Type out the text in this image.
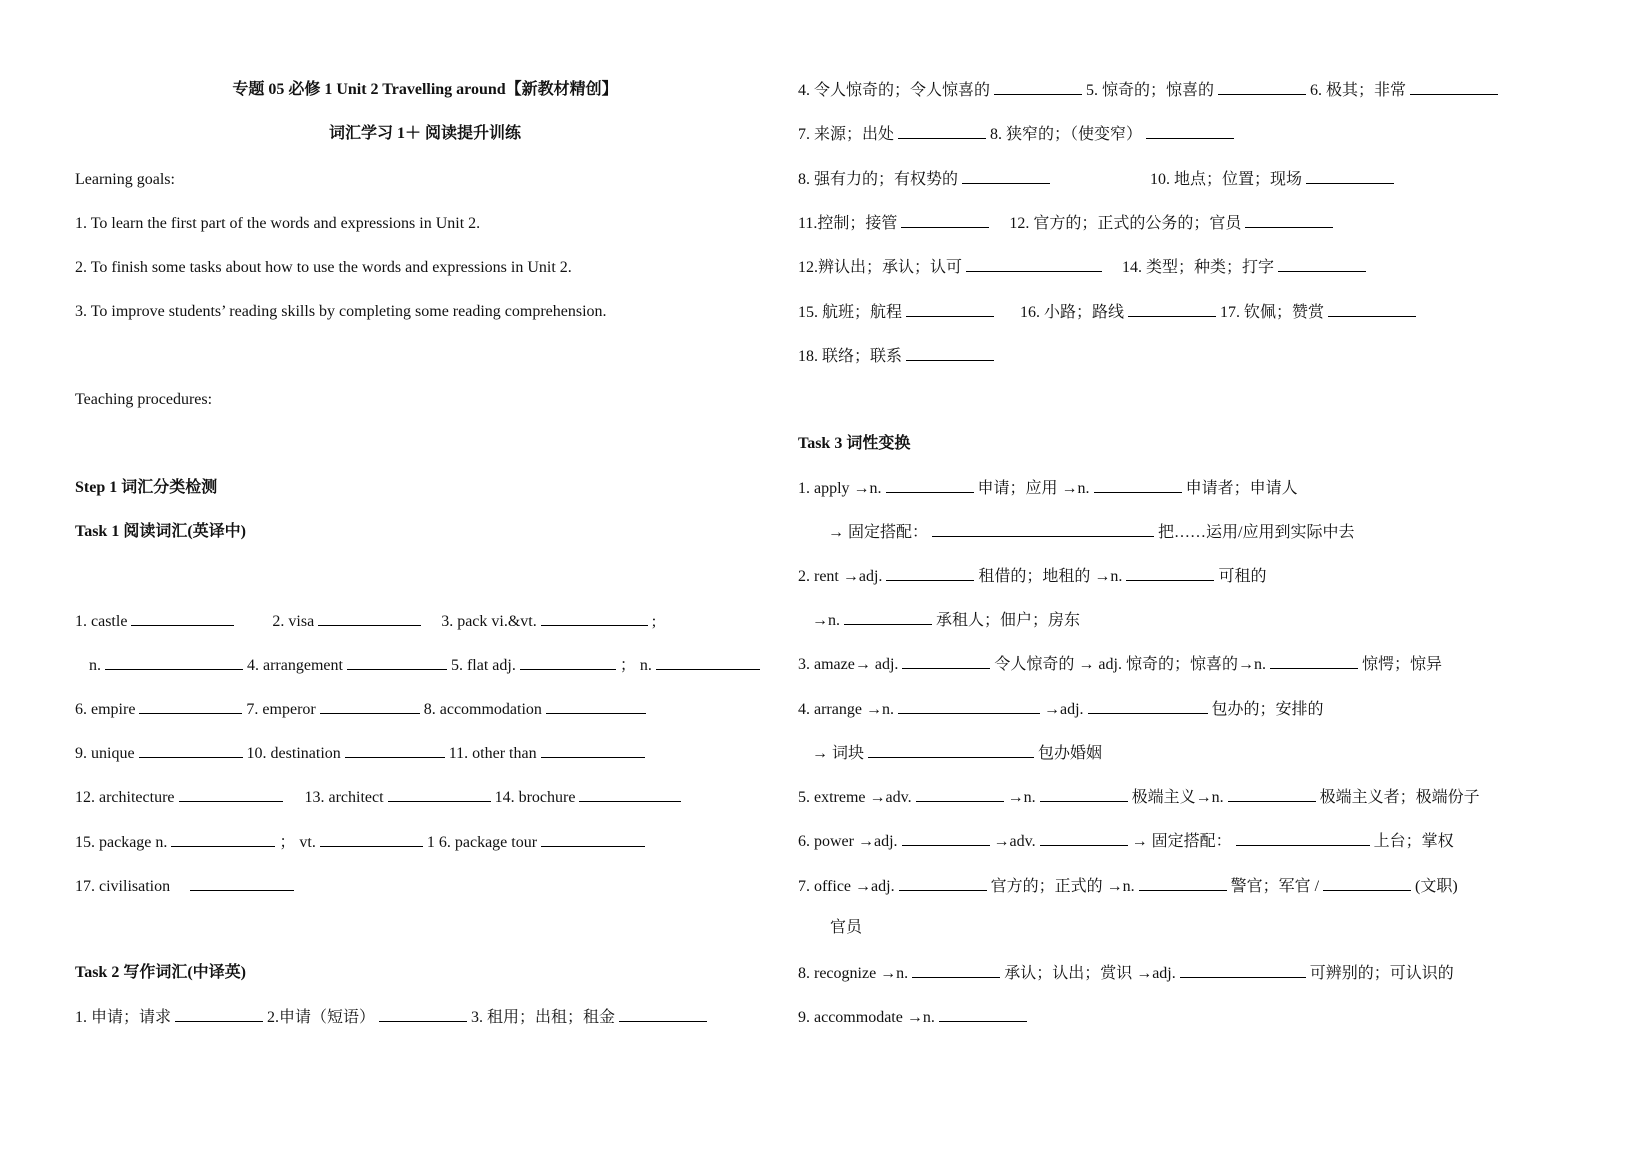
专题 05 必修 1 Unit 2 Travelling around【新教材精创】
词汇学习 1＋ 阅读提升训练
Learning goals:
1. To learn the first part of the words and expressions in Unit 2.
2. To finish some tasks about how to use the words and expressions in Unit 2.
3. To improve students’ reading skills by completing some reading comprehension.
Teaching procedures:
Step 1 词汇分类检测
Task 1 阅读词汇(英译中)
1. castle	2. visa	3. pack vi.&vt.	;
n.	4. arrangement	5. flat adj.	； n.
6. empire	7. emperor	8. accommodation
9. unique	10. destination	11. other than
12. architecture	13. architect	14. brochure
15. package n.	； vt.	1 6. package tour
17. civilisation
Task 2 写作词汇(中译英)
1. 申请；请求	2.申请（短语）	3. 租用；出租；租金
4. 令人惊奇的；令人惊喜的	5. 惊奇的；惊喜的	6. 极其；非常
7. 来源；出处	8. 狭窄的；（使变窄）
8. 强有力的；有权势的	10. 地点；位置；现场
11.控制；接管	12. 官方的；正式的公务的；官员
12.辨认出；承认；认可	14. 类型；种类；打字
15. 航班；航程	16. 小路；路线	17. 钦佩；赞赏
18. 联络；联系
Task 3 词性变换
1. apply →n.	申请；应用 →n.	申请者；申请人
→ 固定搭配：	把……运用/应用到实际中去
2. rent →adj.	租借的；地租的 →n.	可租的
→n.	承租人；佃户；房东
3. amaze→ adj.	令人惊奇的 → adj. 惊奇的；惊喜的→n.	惊愕；惊异
4. arrange →n.	→adj.	包办的；安排的
→ 词块	包办婚姻
5. extreme →adv.	→n.	极端主义→n.	极端主义者；极端份子
6. power →adj.	→adv.	→ 固定搭配：	上台；掌权
7. office →adj.	官方的；正式的 →n.	警官；军官 /	(文职)
官员
8. recognize →n.	承认；认出；赏识 →adj.	可辨别的；可认识的
9. accommodate →n.
